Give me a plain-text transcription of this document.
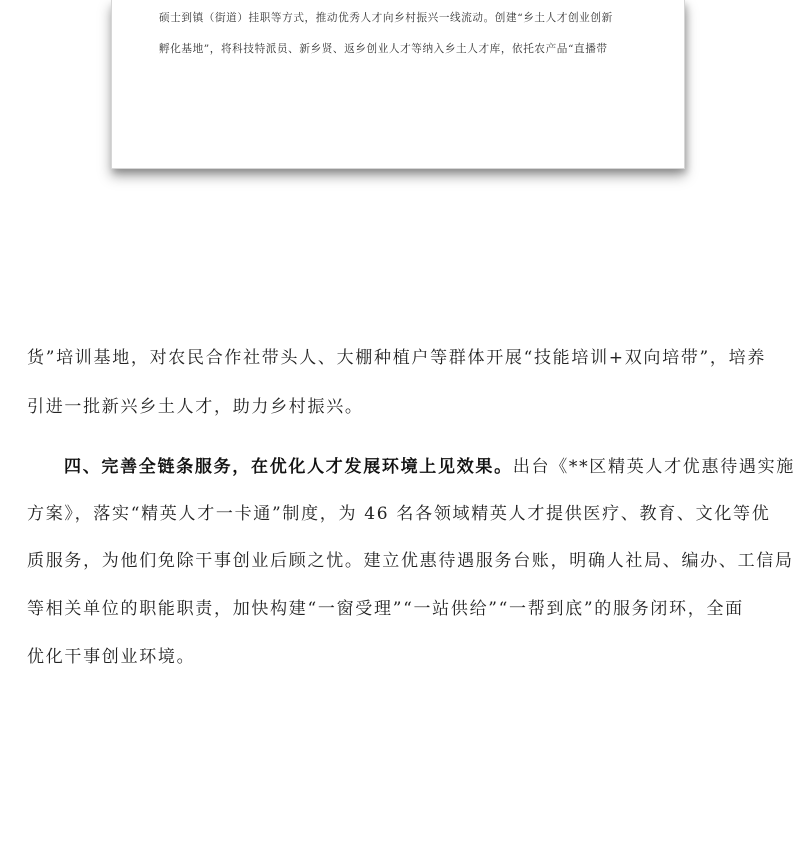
硕士到镇（街道）挂职等方式，推动优秀人才向乡村振兴一线流动。创建“乡土人才创业创新
孵化基地”，将科技特派员、新乡贤、返乡创业人才等纳入乡土人才库，依托农产品“直播带
货”培训基地，对农民合作社带头人、大棚种植户等群体开展“技能培训+双向培带”，培养
引进一批新兴乡土人才，助力乡村振兴。
四、完善全链条服务，在优化人才发展环境上见效果。出台《**区精英人才优惠待遇实施
方案》，落实“精英人才一卡通”制度，为 46 名各领域精英人才提供医疗、教育、文化等优
质服务，为他们免除干事创业后顾之忧。建立优惠待遇服务台账，明确人社局、编办、工信局
等相关单位的职能职责，加快构建“一窗受理”“一站供给”“一帮到底”的服务闭环，全面
优化干事创业环境。
